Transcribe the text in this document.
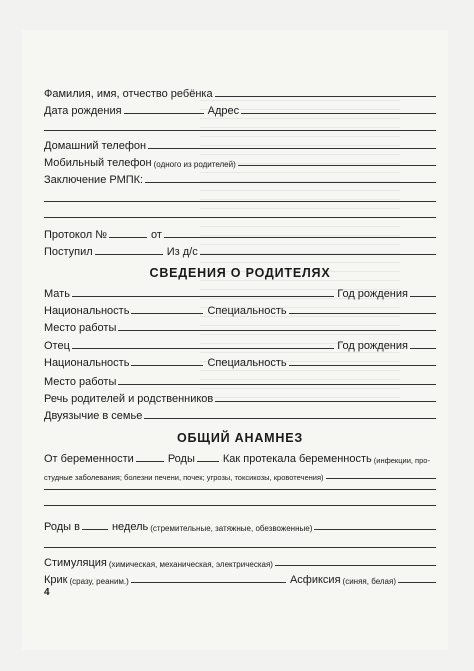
Фамилия, имя, отчество ребёнка
Дата рождения	Адрес
Домашний телефон
Мобильный телефон (одного из родителей)
Заключение РМПК:
Протокол №	от
Поступил	Из д/с
СВЕДЕНИЯ О РОДИТЕЛЯХ
Мать	Год рождения
Национальность	Специальность
Место работы
Отец	Год рождения
Национальность	Специальность
Место работы
Речь родителей и родственников
Двуязычие в семье
ОБЩИЙ АНАМНЕЗ
От беременности	Роды	Как протекала беременность (инфекции, про-
студные заболевания; болезни печени, почек; угрозы, токсикозы, кровотечения)
Роды в	недель (стремительные, затяжные, обезвоженные)
Стимуляция (химическая, механическая, электрическая)
Крик (сразу, реаним.)	Асфиксия (синяя, белая)
4
